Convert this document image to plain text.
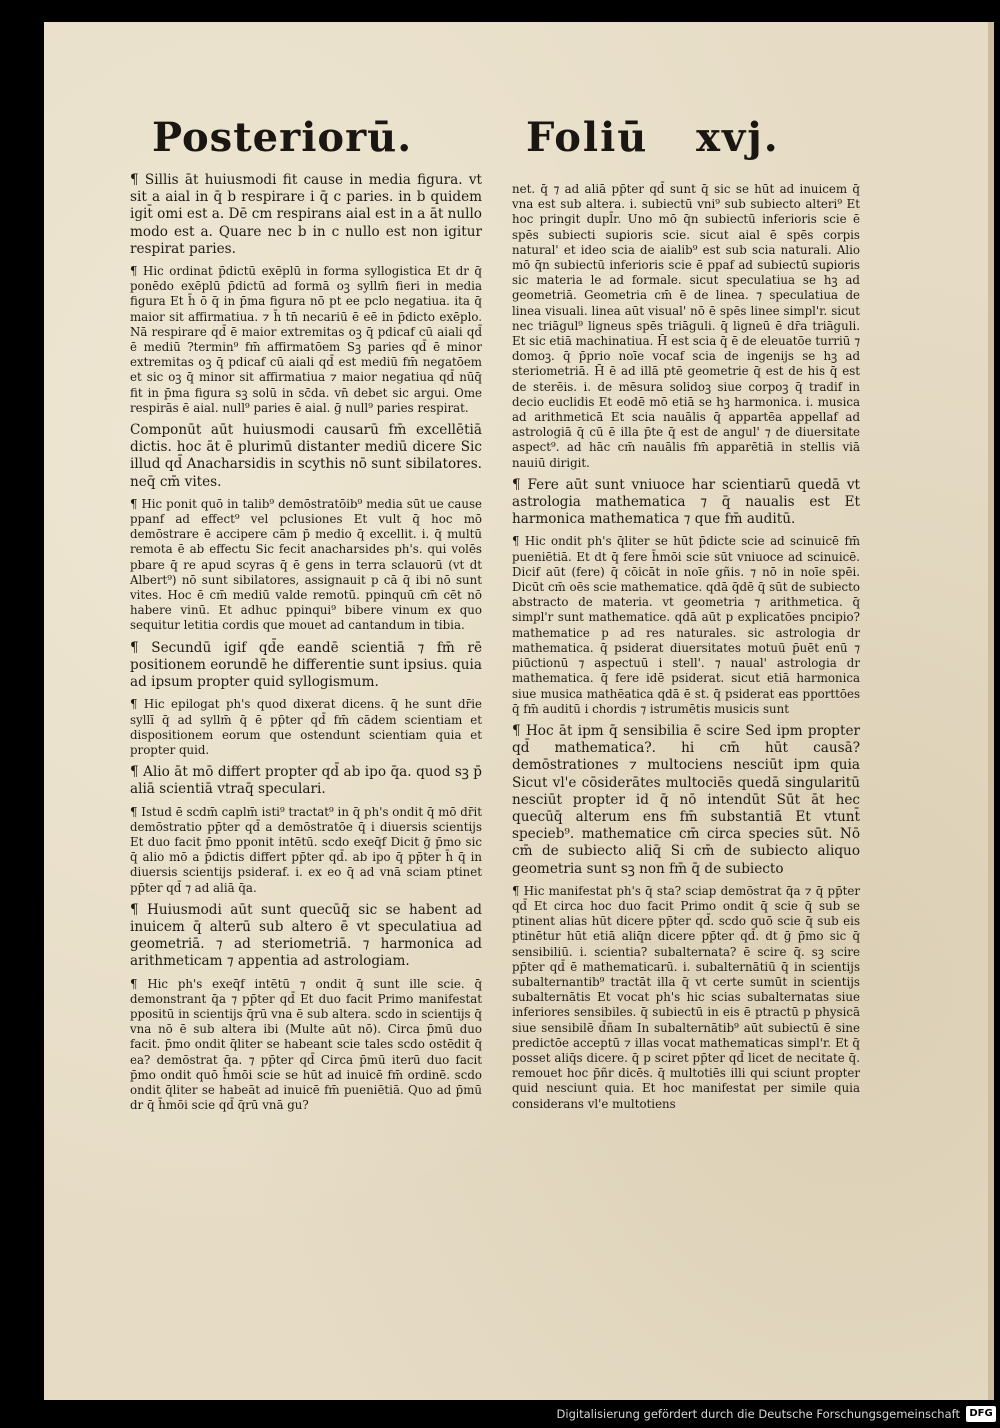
Posteriorū.	Foliū   xvj.

¶ Sillis āt huiusmodi fit cause in media figura. vt sit a aial in q̄ b respirare i q̄ c paries. in b quidem igit̄ omi est a. Dē cm respirans aial est in a āt nullo modo est a. Quare nec b in c nullo est non igitur respirat paries.

¶ Hic ordinat p̄dictū exēplū in forma syllogistica Et dr q̄ ponēdo exēplū p̄dictū ad formā oꝫ syllm̄ fieri in media figura Et h̄ ō q̄ in p̄ma figura nō pt ee pclo negatiua. ita q̄ maior sit affirmatiua. ⁊ h̄ tn̄ necariū ē eē in p̄dicto exēplo. Nā respirare qd̄ ē maior extremitas oꝫ q̄ pdicaf cū aiali qd̄ ē mediū ?termin⁹ fm̄ affirmatōem Sꝫ paries qd̄ ē minor extremitas oꝫ q̄ pdicaf cū aiali qd̄ est mediū fm̄ negatōem et sic oꝫ q̄ minor sit affirmatiua ⁊ maior negatiua qd̄ nūq̄ fit in p̄ma figura sꝫ solū in sc̄da. vn̄ debet sic argui. Ome respirās ē aial. null⁹ paries ē aial. ḡ null⁹ paries respirat.

Componūt aūt huiusmodi causarū fm̄ excellētiā dictis. hoc āt ē plurimū distanter mediū dicere Sic illud qd̄ Anacharsidis in scythis nō sunt sibilatores. neq̄ cm̄ vites.

¶ Hic ponit quō in talib⁹ demōstratōib⁹ media sūt ue cause ppanf ad effect⁹ vel pclusiones Et vult q̄ hoc mō demōstrare ē accipere cām p̄ medio q̄ excellit. i. q̄ multū remota ē ab effectu Sic fecit anacharsides ph's. qui volēs pbare q̄ re apud scyras q̄ ē gens in terra sclauorū (vt dt Albert⁹) nō sunt sibilatores, assignauit p cā q̄ ibi nō sunt vites. Hoc ē cm̄ mediū valde remotū. ppinquū cm̄ cēt nō habere vinū. Et adhuc ppinqui⁹ bibere vinum ex quo sequitur letitia cordis que mouet ad cantandum in tibia.

¶ Secundū igif qd̄e eandē scientiā ⁊ fm̄ rē positionem eorundē he differentie sunt ipsius. quia ad ipsum propter quid syllogismum.

¶ Hic epilogat ph's quod dixerat dicens. q̄ he sunt dr̄ie syllī q̄ ad syllm̄ q̄ ē pp̄ter qd̄ fm̄ cādem scientiam et dispositionem eorum que ostendunt scientiam quia et propter quid.

¶ Alio āt mō differt propter qd̄ ab ipo q̄a. quod sꝫ p̄ aliā scientiā vtraq̄ speculari.

¶ Istud ē scdm̄ caplm̄ isti⁹ tractat⁹ in q̄ ph's ondit q̄ mō dr̄it demōstratio pp̄ter qd̄ a demōstratōe q̄ i diuersis scientijs Et duo facit p̄mo pponit intētū. scdo exeq̄f Dicit ḡ p̄mo sic q̄ alio mō a p̄dictis differt pp̄ter qd̄. ab ipo q̄ pp̄ter h̄ q̄ in diuersis scientijs psideraf. i. ex eo q̄ ad vnā sciam ptinet pp̄ter qd̄ ⁊ ad aliā q̄a.

¶ Huiusmodi aūt sunt quecūq̄ sic se habent ad inuicem q̄ alterū sub altero ē vt speculatiua ad geometriā. ⁊ ad steriometriā. ⁊ harmonica ad arithmeticam ⁊ appentia ad astrologiam.

¶ Hic ph's exeq̄f intētū ⁊ ondit q̄ sunt ille scie. q̄ demonstrant q̄a ⁊ pp̄ter qd̄ Et duo facit Primo manifestat ppositū in scientijs q̄rū vna ē sub altera. scdo in scientijs q̄ vna nō ē sub altera ibi (Multe aūt nō). Circa p̄mū duo facit. p̄mo ondit q̄liter se habeant scie tales scdo ostēdit q̄ ea? demōstrat q̄a. ⁊ pp̄ter qd̄ Circa p̄mū iterū duo facit p̄mo ondit quō h̄mōi scie se hūt ad inuicē fm̄ ordinē. scdo ondit q̄liter se habeāt ad inuicē fm̄ pueniētiā. Quo ad p̄mū dr q̄ h̄mōi scie qd̄ q̄rū vnā gu?

net. q̄ ⁊ ad aliā pp̄ter qd̄ sunt q̄ sic se hūt ad inuicem q̄ vna est sub altera. i. subiectū vni⁹ sub subiecto alteri⁹ Et hoc pringit dupl̄r. Uno mō q̄n subiectū inferioris scie ē spēs subiecti suꝑioris scie. sicut aial ē spēs corpis natural' et ideo scia de aialib⁹ est sub scia naturali. Alio mō q̄n subiectū inferioris scie ē ppaf ad subiectū suꝑioris sic materia le ad formale. sicut speculatiua se hꝫ ad geometriā. Geometria cm̄ ē de linea. ⁊ speculatiua de linea visuali. linea aūt visual' nō ē spēs linee simpl'r. sicut nec triāgul⁹ ligneus spēs triāguli. q̄ ligneū ē dr̄a triāguli. Et sic etiā machinatiua. H̄ est scia q̄ ē de eleuatōe turriū ⁊ domoꝫ. q̄ p̄prio noīe vocaf scia de ingenijs se hꝫ ad steriometriā. H̄ ē ad illā ptē geometrie q̄ est de his q̄ est de sterēis. i. de mēsura solidoꝫ siue corpoꝫ q̄ tradif in decio euclidis Et eodē mō etiā se hꝫ harmonica. i. musica ad arithmeticā Et scia nauālis q̄ appartēa appellaf ad astrologiā q̄ cū ē illa p̄te q̄ est de angul' ⁊ de diuersitate aspect⁹. ad hāc cm̄ nauālis fm̄ apparētiā in stellis viā nauiū dirigit.

¶ Fere aūt sunt vniuoce har scientiarū quedā vt astrologia mathematica ⁊ q̄ naualis est Et harmonica mathematica ⁊ que fm̄ auditū.

¶ Hic ondit ph's q̄liter se hūt p̄dicte scie ad scinuicē fm̄ pueniētiā. Et dt q̄ fere h̄mōi scie sūt vniuoce ad scinuicē. Dicif aūt (fere) q̄ cōicāt in noīe gñis. ⁊ nō in noīe spēi. Dicūt cm̄ oēs scie mathematice. qdā q̄dē q̄ sūt de subiecto abstracto de materia. vt geometria ⁊ arithmetica. q̄ simpl'r sunt mathematice. qdā aūt p explicatōes pncipio? mathematice p ad res naturales. sic astrologia dr mathematica. q̄ psiderat diuersitates motuū p̄uēt enū ⁊ piūctionū ⁊ aspectuū i stell'. ⁊ naual' astrologia dr mathematica. q̄ fere idē psiderat. sicut etiā harmonica siue musica mathēatica qdā ē st. q̄ psiderat eas pporttōes q̄ fm̄ auditū i chordis ⁊ istrumētis musicis sunt

¶ Hoc āt ipm q̄ sensibilia ē scire Sed ipm propter qd̄ mathematica?. hi cm̄ hūt causā? demōstrationes ⁊ multociens nesciūt ipm quia Sicut vl'e cōsiderātes multociēs quedā singularitū nesciūt propter id q̄ nō intendūt Sūt āt hec quecūq̄ alterum ens fm̄ substantiā Et vtunt̄ specieb⁹. mathematice cm̄ circa species sūt. Nō cm̄ de subiecto aliq̄ Si cm̄ de subiecto aliquo geometria sunt sꝫ non fm̄ q̄ de subiecto

¶ Hic manifestat ph's q̄ sta? sciap demōstrat q̄a ⁊ q̄ pp̄ter qd̄ Et circa hoc duo facit Primo ondit q̄ scie q̄ sub se ptinent alias hūt dicere pp̄ter qd̄. scdo quō scie q̄ sub eis ptinētur hūt etiā aliq̄n dicere pp̄ter qd̄. dt ḡ p̄mo sic q̄ sensibiliū. i. scientia? subalternata? ē scire q̄. sꝫ scire pp̄ter qd̄ ē mathematicarū. i. subalternātiū q̄ in scientijs subalternantib⁹ tractāt illa q̄ vt certe sumūt in scientijs subalternātis Et vocat ph's hic scias subalternatas siue inferiores sensibiles. q̄ subiectū in eis ē ptractū p physicā siue sensibilē d̄ñam In subalternātib⁹ aūt subiectū ē sine predictōe acceptū ⁊ illas vocat mathematicas simpl'r. Et q̄ posset aliq̄s dicere. q̄ p sciret pp̄ter qd̄ licet de necitate q̄. remouet hoc p̄ñr dicēs. q̄ multotiēs illi qui sciunt propter quid nesciunt quia. Et hoc manifestat per simile quia considerans vl'e multotiens

Digitalisierung gefördert durch die Deutsche Forschungsgemeinschaft DFG
